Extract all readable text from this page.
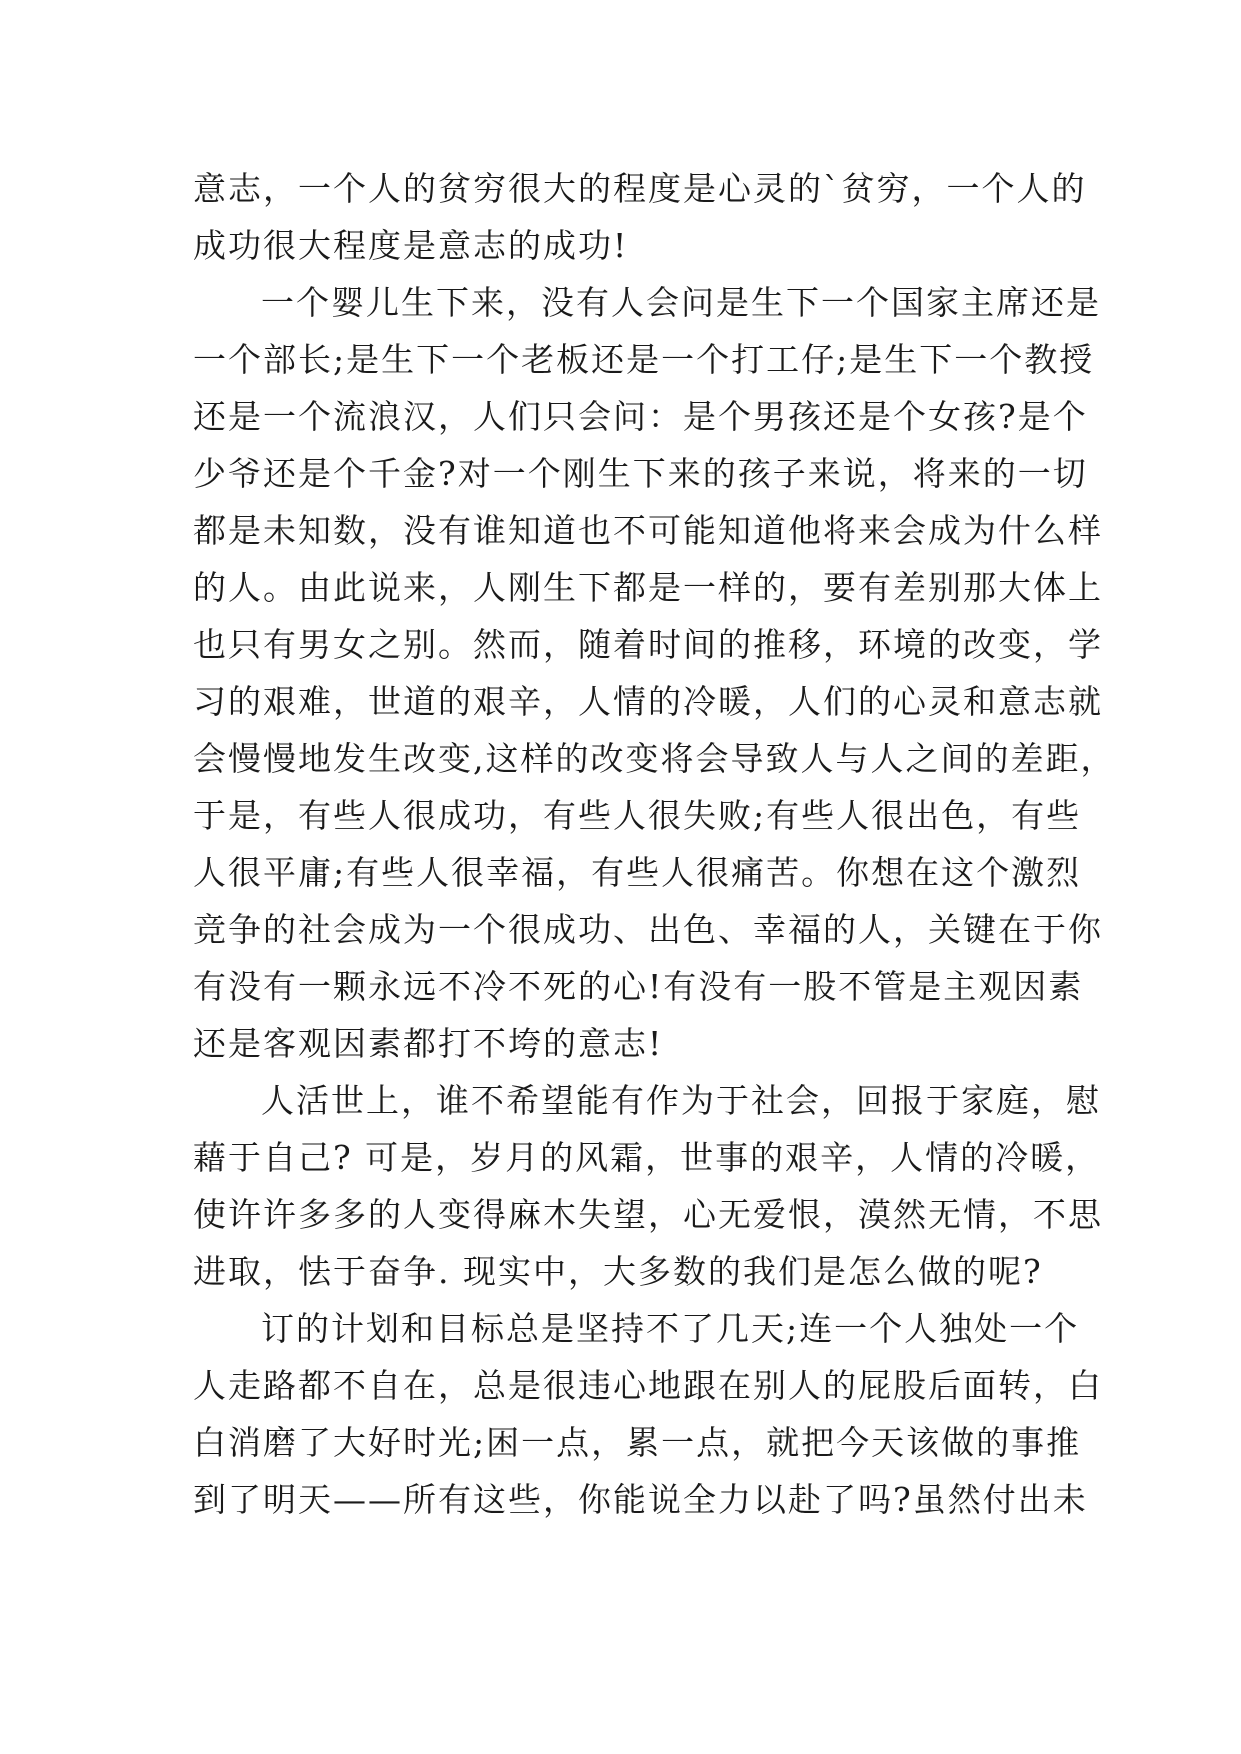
意志，一个人的贫穷很大的程度是心灵的`贫穷，一个人的
成功很大程度是意志的成功!
一个婴儿生下来，没有人会问是生下一个国家主席还是
一个部长;是生下一个老板还是一个打工仔;是生下一个教授
还是一个流浪汉，人们只会问：是个男孩还是个女孩?是个
少爷还是个千金?对一个刚生下来的孩子来说，将来的一切
都是未知数，没有谁知道也不可能知道他将来会成为什么样
的人。由此说来，人刚生下都是一样的，要有差别那大体上
也只有男女之别。然而，随着时间的推移，环境的改变，学
习的艰难，世道的艰辛，人情的冷暖，人们的心灵和意志就
会慢慢地发生改变,这样的改变将会导致人与人之间的差距，
于是，有些人很成功，有些人很失败;有些人很出色，有些
人很平庸;有些人很幸福，有些人很痛苦。你想在这个激烈
竞争的社会成为一个很成功、出色、幸福的人，关键在于你
有没有一颗永远不冷不死的心!有没有一股不管是主观因素
还是客观因素都打不垮的意志!
人活世上，谁不希望能有作为于社会，回报于家庭，慰
藉于自己? 可是，岁月的风霜，世事的艰辛，人情的冷暖，
使许许多多的人变得麻木失望，心无爱恨，漠然无情，不思
进取，怯于奋争. 现实中，大多数的我们是怎么做的呢?
订的计划和目标总是坚持不了几天;连一个人独处一个
人走路都不自在，总是很违心地跟在别人的屁股后面转，白
白消磨了大好时光;困一点，累一点，就把今天该做的事推
到了明天——所有这些，你能说全力以赴了吗?虽然付出未
